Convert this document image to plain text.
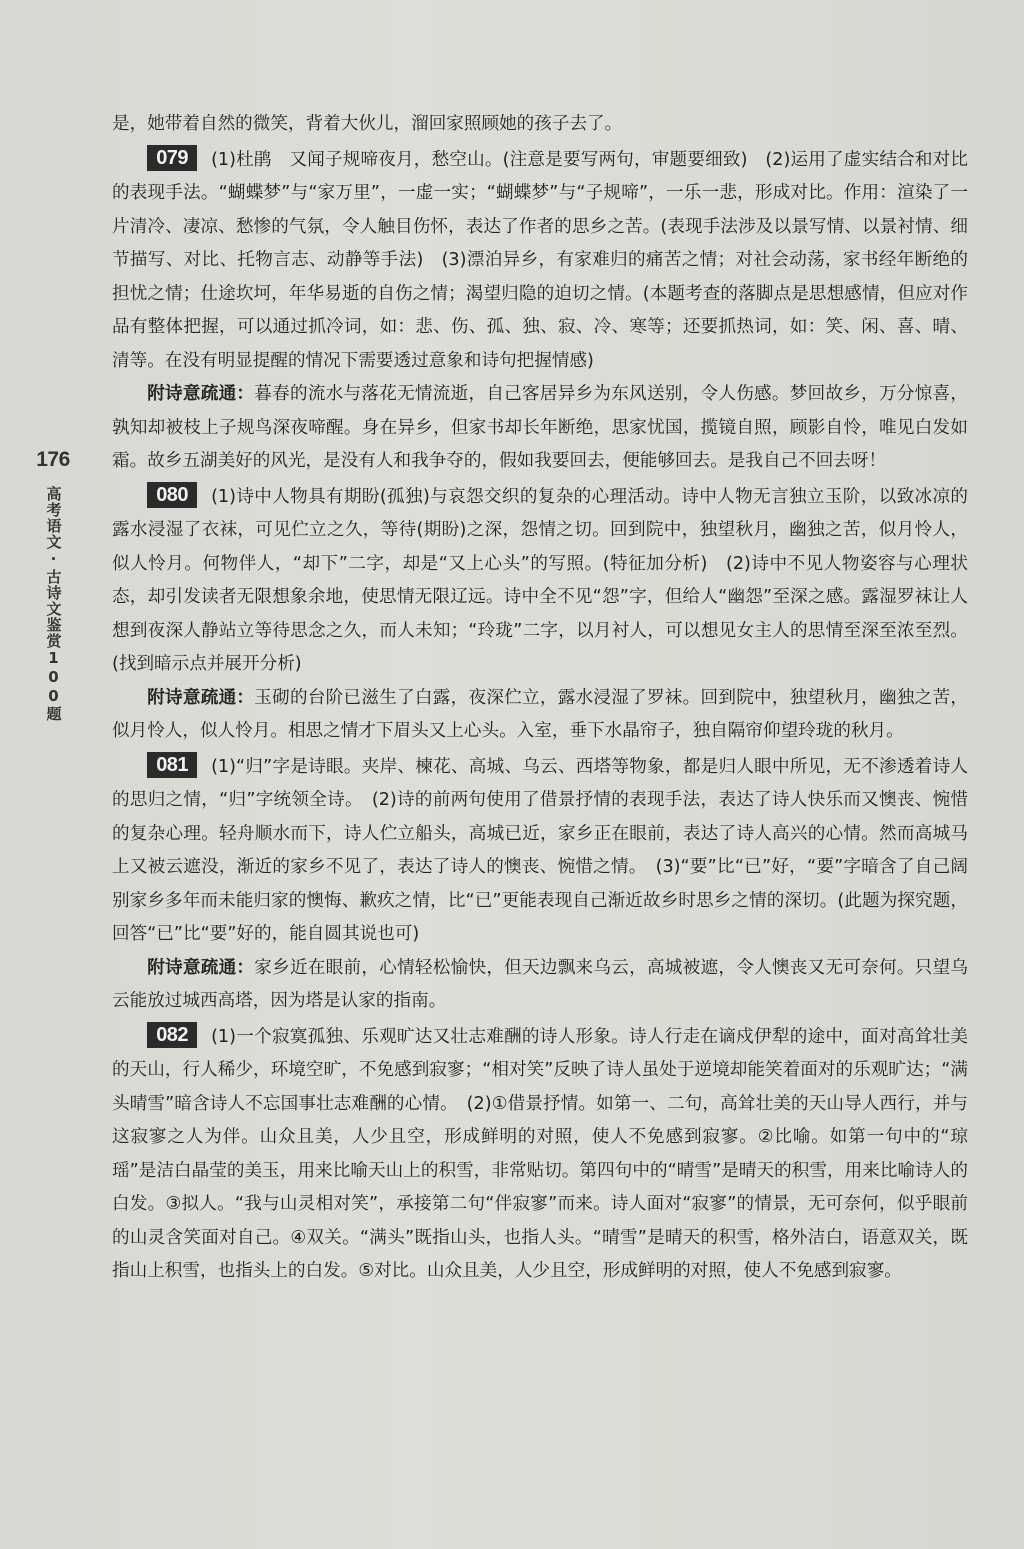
176
高考语文·古诗文鉴赏100题

是，她带着自然的微笑，背着大伙儿，溜回家照顾她的孩子去了。

079 (1)杜鹃　又闻子规啼夜月，愁空山。(注意是要写两句，审题要细致)　(2)运用了虚实结合和对比的表现手法。“蝴蝶梦”与“家万里”，一虚一实；“蝴蝶梦”与“子规啼”，一乐一悲，形成对比。作用：渲染了一片清冷、凄凉、愁惨的气氛，令人触目伤怀，表达了作者的思乡之苦。(表现手法涉及以景写情、以景衬情、细节描写、对比、托物言志、动静等手法)　(3)漂泊异乡，有家难归的痛苦之情；对社会动荡，家书经年断绝的担忧之情；仕途坎坷，年华易逝的自伤之情；渴望归隐的迫切之情。(本题考查的落脚点是思想感情，但应对作品有整体把握，可以通过抓冷词，如：悲、伤、孤、独、寂、冷、寒等；还要抓热词，如：笑、闲、喜、晴、清等。在没有明显提醒的情况下需要透过意象和诗句把握情感)

附诗意疏通：暮春的流水与落花无情流逝，自己客居异乡为东风送别，令人伤感。梦回故乡，万分惊喜，孰知却被枝上子规鸟深夜啼醒。身在异乡，但家书却长年断绝，思家忧国，揽镜自照，顾影自怜，唯见白发如霜。故乡五湖美好的风光，是没有人和我争夺的，假如我要回去，便能够回去。是我自己不回去呀！

080 (1)诗中人物具有期盼(孤独)与哀怨交织的复杂的心理活动。诗中人物无言独立玉阶，以致冰凉的露水浸湿了衣袜，可见伫立之久，等待(期盼)之深，怨情之切。回到院中，独望秋月，幽独之苦，似月怜人，似人怜月。何物伴人，“却下”二字，却是“又上心头”的写照。(特征加分析)　(2)诗中不见人物姿容与心理状态，却引发读者无限想象余地，使思情无限辽远。诗中全不见“怨”字，但给人“幽怨”至深之感。露湿罗袜让人想到夜深人静站立等待思念之久，而人未知；“玲珑”二字，以月衬人，可以想见女主人的思情至深至浓至烈。(找到暗示点并展开分析)

附诗意疏通：玉砌的台阶已滋生了白露，夜深伫立，露水浸湿了罗袜。回到院中，独望秋月，幽独之苦，似月怜人，似人怜月。相思之情才下眉头又上心头。入室，垂下水晶帘子，独自隔帘仰望玲珑的秋月。

081 (1)“归”字是诗眼。夹岸、楝花、高城、乌云、西塔等物象，都是归人眼中所见，无不渗透着诗人的思归之情，“归”字统领全诗。　(2)诗的前两句使用了借景抒情的表现手法，表达了诗人快乐而又懊丧、惋惜的复杂心理。轻舟顺水而下，诗人伫立船头，高城已近，家乡正在眼前，表达了诗人高兴的心情。然而高城马上又被云遮没，渐近的家乡不见了，表达了诗人的懊丧、惋惜之情。　(3)“要”比“已”好，“要”字暗含了自己阔别家乡多年而未能归家的懊悔、歉疚之情，比“已”更能表现自己渐近故乡时思乡之情的深切。(此题为探究题，回答“已”比“要”好的，能自圆其说也可)

附诗意疏通：家乡近在眼前，心情轻松愉快，但天边飘来乌云，高城被遮，令人懊丧又无可奈何。只望乌云能放过城西高塔，因为塔是认家的指南。

082 (1)一个寂寞孤独、乐观旷达又壮志难酬的诗人形象。诗人行走在谪戍伊犁的途中，面对高耸壮美的天山，行人稀少，环境空旷，不免感到寂寥；“相对笑”反映了诗人虽处于逆境却能笑着面对的乐观旷达；“满头晴雪”暗含诗人不忘国事壮志难酬的心情。　(2)①借景抒情。如第一、二句，高耸壮美的天山导人西行，并与这寂寥之人为伴。山众且美，人少且空，形成鲜明的对照，使人不免感到寂寥。②比喻。如第一句中的“琼瑶”是洁白晶莹的美玉，用来比喻天山上的积雪，非常贴切。第四句中的“晴雪”是晴天的积雪，用来比喻诗人的白发。③拟人。“我与山灵相对笑”，承接第二句“伴寂寥”而来。诗人面对“寂寥”的情景，无可奈何，似乎眼前的山灵含笑面对自己。④双关。“满头”既指山头，也指人头。“晴雪”是晴天的积雪，格外洁白，语意双关，既指山上积雪，也指头上的白发。⑤对比。山众且美，人少且空，形成鲜明的对照，使人不免感到寂寥。
